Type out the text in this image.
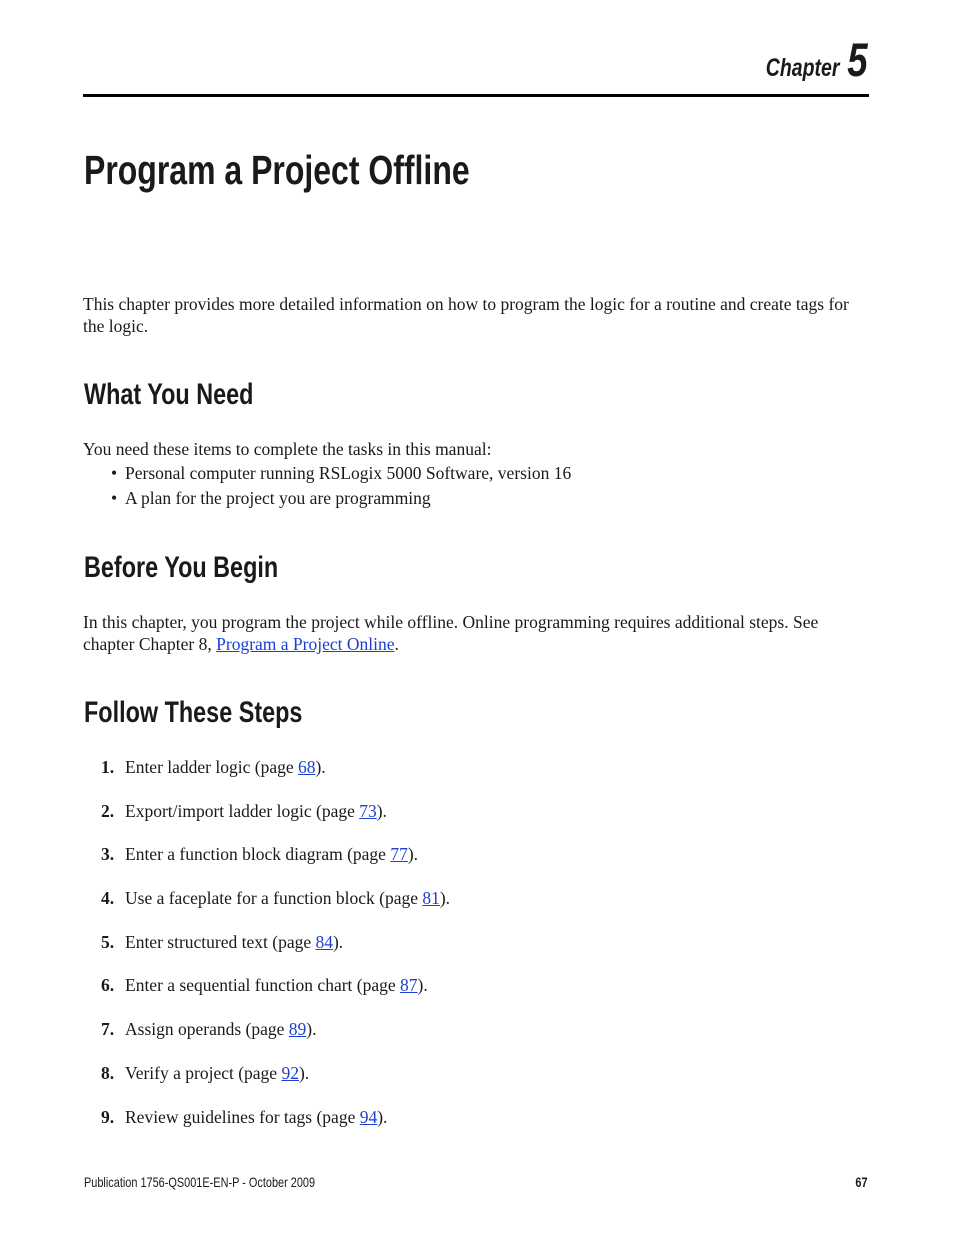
Chapter 5
Program a Project Offline

This chapter provides more detailed information on how to program the logic for a routine and create tags for the logic.

What You Need

You need these items to complete the tasks in this manual:

• Personal computer running RSLogix 5000 Software, version 16
• A plan for the project you are programming
Before You Begin

In this chapter, you program the project while offline. Online programming requires additional steps. See chapter Chapter 8, Program a Project Online.

Follow These Steps
1. Enter ladder logic (page 68).
2. Export/import ladder logic (page 73).
3. Enter a function block diagram (page 77).
4. Use a faceplate for a function block (page 81).
5. Enter structured text (page 84).
6. Enter a sequential function chart (page 87).
7. Assign operands (page 89).
8. Verify a project (page 92).
9. Review guidelines for tags (page 94).
Publication 1756-QS001E-EN-P - October 2009	67
